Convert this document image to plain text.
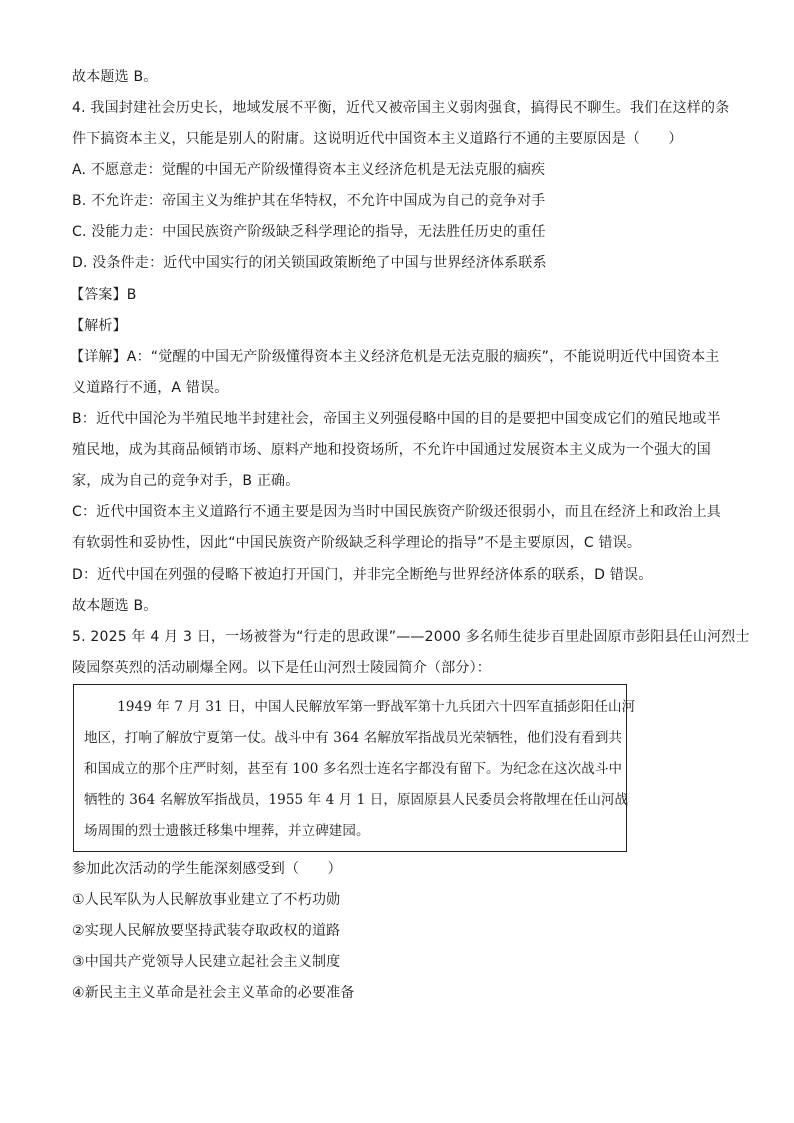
故本题选 B。
4. 我国封建社会历史长，地域发展不平衡，近代又被帝国主义弱肉强食，搞得民不聊生。我们在这样的条
件下搞资本主义，只能是别人的附庸。这说明近代中国资本主义道路行不通的主要原因是（　　）
A. 不愿意走：觉醒的中国无产阶级懂得资本主义经济危机是无法克服的痼疾
B. 不允许走：帝国主义为维护其在华特权，不允许中国成为自己的竞争对手
C. 没能力走：中国民族资产阶级缺乏科学理论的指导，无法胜任历史的重任
D. 没条件走：近代中国实行的闭关锁国政策断绝了中国与世界经济体系联系
【答案】B
【解析】
【详解】A：“觉醒的中国无产阶级懂得资本主义经济危机是无法克服的痼疾”，不能说明近代中国资本主
义道路行不通，A 错误。
B：近代中国沦为半殖民地半封建社会，帝国主义列强侵略中国的目的是要把中国变成它们的殖民地或半
殖民地，成为其商品倾销市场、原料产地和投资场所，不允许中国通过发展资本主义成为一个强大的国
家，成为自己的竞争对手，B 正确。
C：近代中国资本主义道路行不通主要是因为当时中国民族资产阶级还很弱小，而且在经济上和政治上具
有软弱性和妥协性，因此“中国民族资产阶级缺乏科学理论的指导”不是主要原因，C 错误。
D：近代中国在列强的侵略下被迫打开国门，并非完全断绝与世界经济体系的联系，D 错误。
故本题选 B。
5. 2025 年 4 月 3 日，一场被誉为“行走的思政课”——2000 多名师生徒步百里赴固原市彭阳县任山河烈士
陵园祭英烈的活动刷爆全网。以下是任山河烈士陵园简介（部分）：
　　1949 年 7 月 31 日，中国人民解放军第一野战军第十九兵团六十四军直插彭阳任山河
地区，打响了解放宁夏第一仗。战斗中有 364 名解放军指战员光荣牺牲，他们没有看到共
和国成立的那个庄严时刻，甚至有 100 多名烈士连名字都没有留下。为纪念在这次战斗中
牺牲的 364 名解放军指战员，1955 年 4 月 1 日，原固原县人民委员会将散埋在任山河战
场周围的烈士遗骸迁移集中埋葬，并立碑建园。
参加此次活动的学生能深刻感受到（　　）
①人民军队为人民解放事业建立了不朽功勋
②实现人民解放要坚持武装夺取政权的道路
③中国共产党领导人民建立起社会主义制度
④新民主主义革命是社会主义革命的必要准备
